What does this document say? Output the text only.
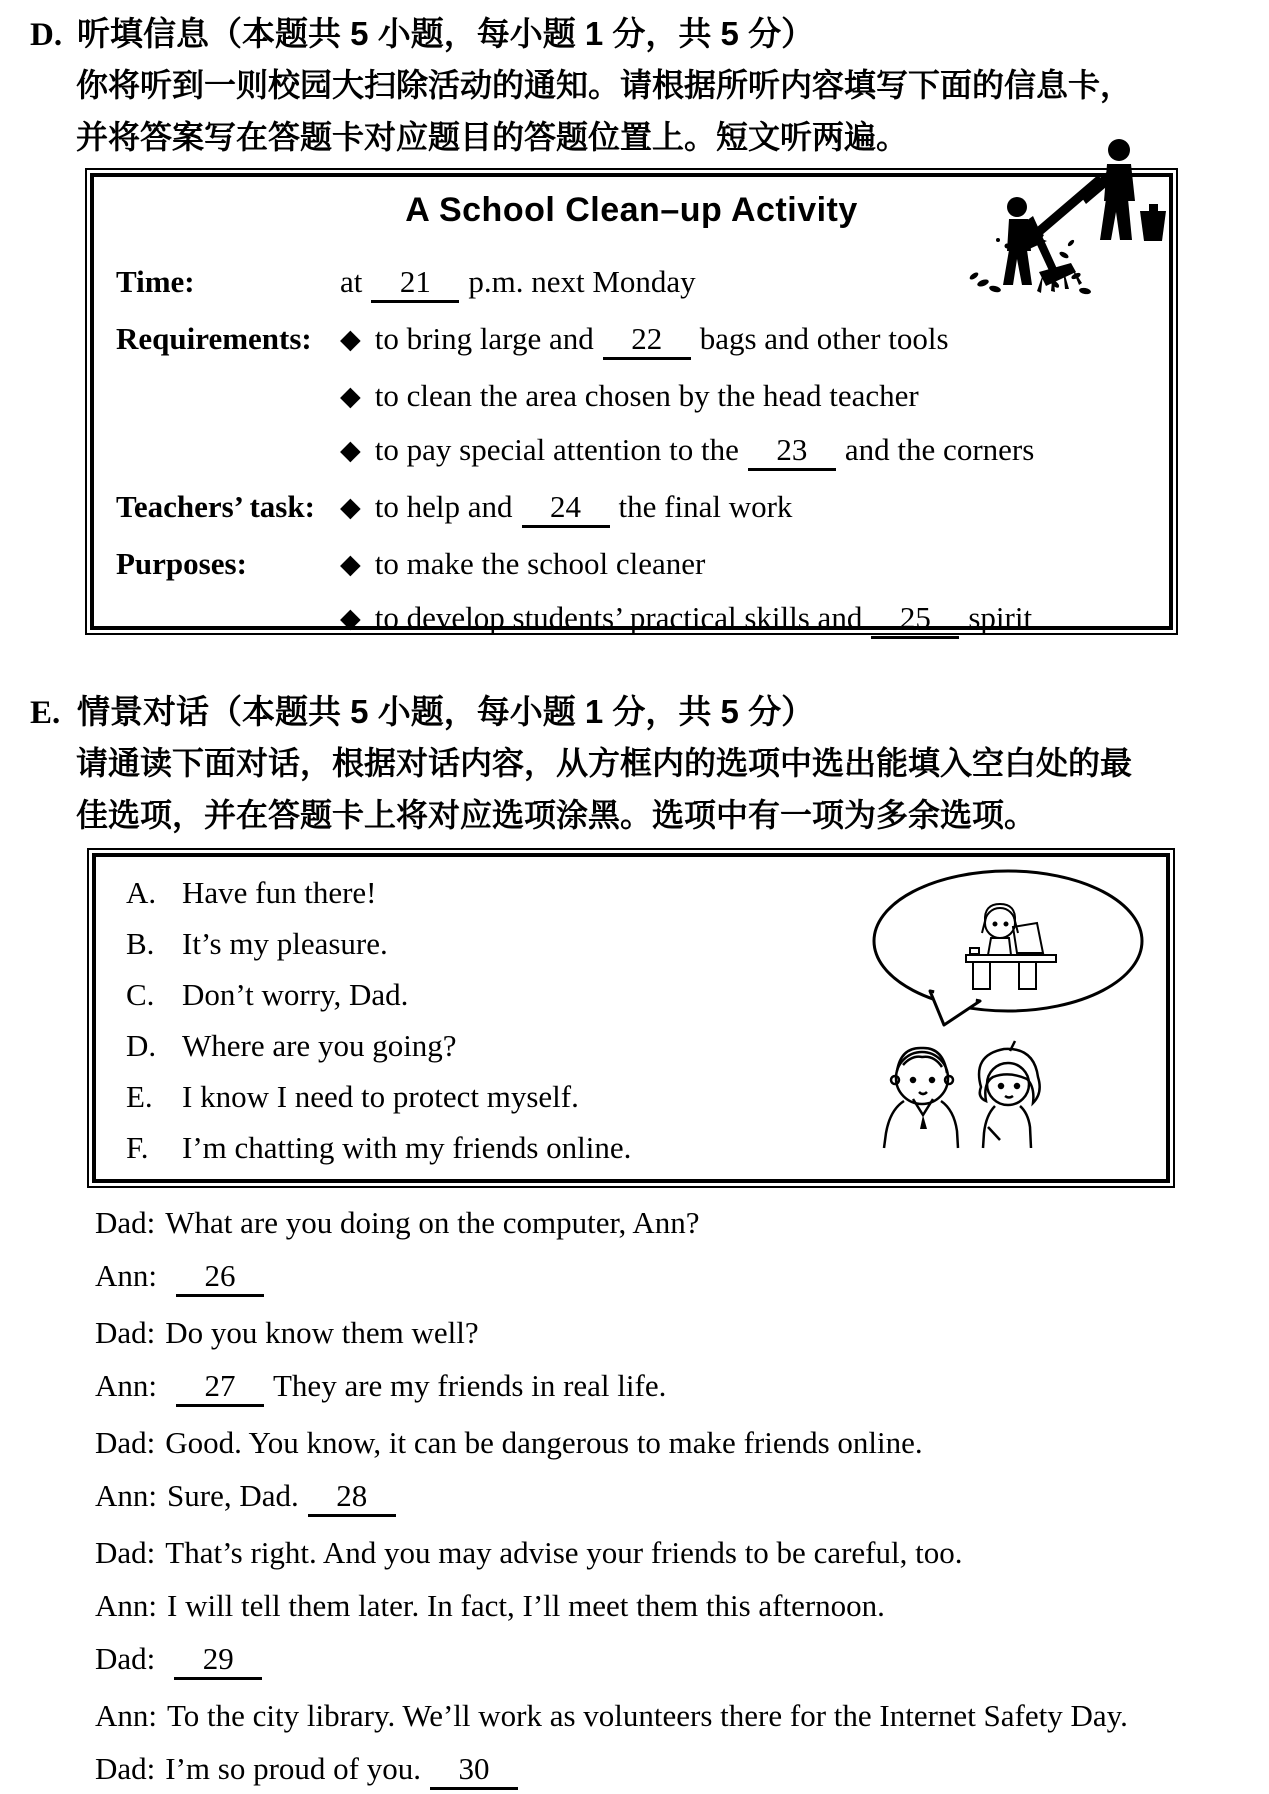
D. 听填信息（本题共 5 小题，每小题 1 分，共 5 分）
你将听到一则校园大扫除活动的通知。请根据所听内容填写下面的信息卡，
并将答案写在答题卡对应题目的答题位置上。短文听两遍。
A School Clean–up Activity
Time:	at 21 p.m. next Monday
Requirements:	◆ to bring large and 22 bags and other tools
◆ to clean the area chosen by the head teacher
◆ to pay special attention to the 23 and the corners
Teachers’ task: ◆ to help and 24 the final work
Purposes:	◆ to make the school cleaner
◆ to develop students’ practical skills and 25 spirit
E. 情景对话（本题共 5 小题，每小题 1 分，共 5 分）
请通读下面对话，根据对话内容，从方框内的选项中选出能填入空白处的最
佳选项，并在答题卡上将对应选项涂黑。选项中有一项为多余选项。
A. Have fun there!
B. It’s my pleasure.
C. Don’t worry, Dad.
D. Where are you going?
E. I know I need to protect myself.
F. I’m chatting with my friends online.
Dad: What are you doing on the computer, Ann?
Ann: 26
Dad: Do you know them well?
Ann: 27 They are my friends in real life.
Dad: Good. You know, it can be dangerous to make friends online.
Ann: Sure, Dad. 28
Dad: That’s right. And you may advise your friends to be careful, too.
Ann: I will tell them later. In fact, I’ll meet them this afternoon.
Dad: 29
Ann: To the city library. We’ll work as volunteers there for the Internet Safety Day.
Dad: I’m so proud of you. 30
